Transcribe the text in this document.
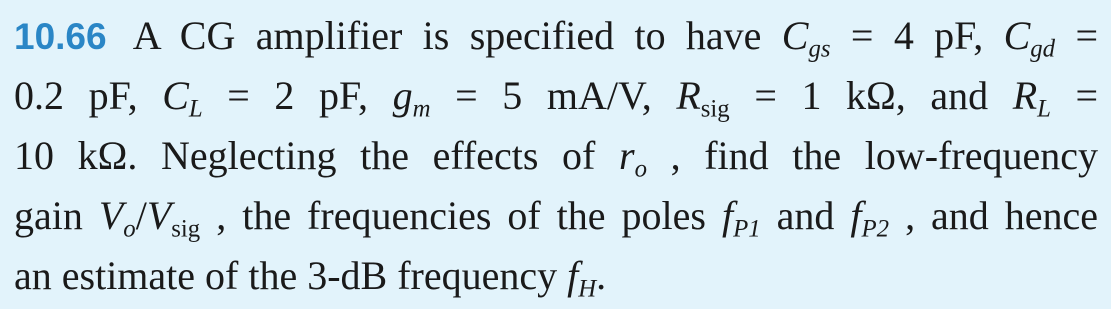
10.66 A CG amplifier is specified to have $C_{gs} = 4$ pF, $C_{gd}$ =
0.2 pF, $C_L = 2$ pF, $g_m = 5$ mA/V, $R_{sig} = 1$ kΩ, and $R_L$ =
10 kΩ. Neglecting the effects of $r_o$ , find the low-frequency
gain $V_o/V_{sig}$ , the frequencies of the poles $f_{P1}$ and $f_{P2}$ , and hence
an estimate of the 3-dB frequency $f_H$.
